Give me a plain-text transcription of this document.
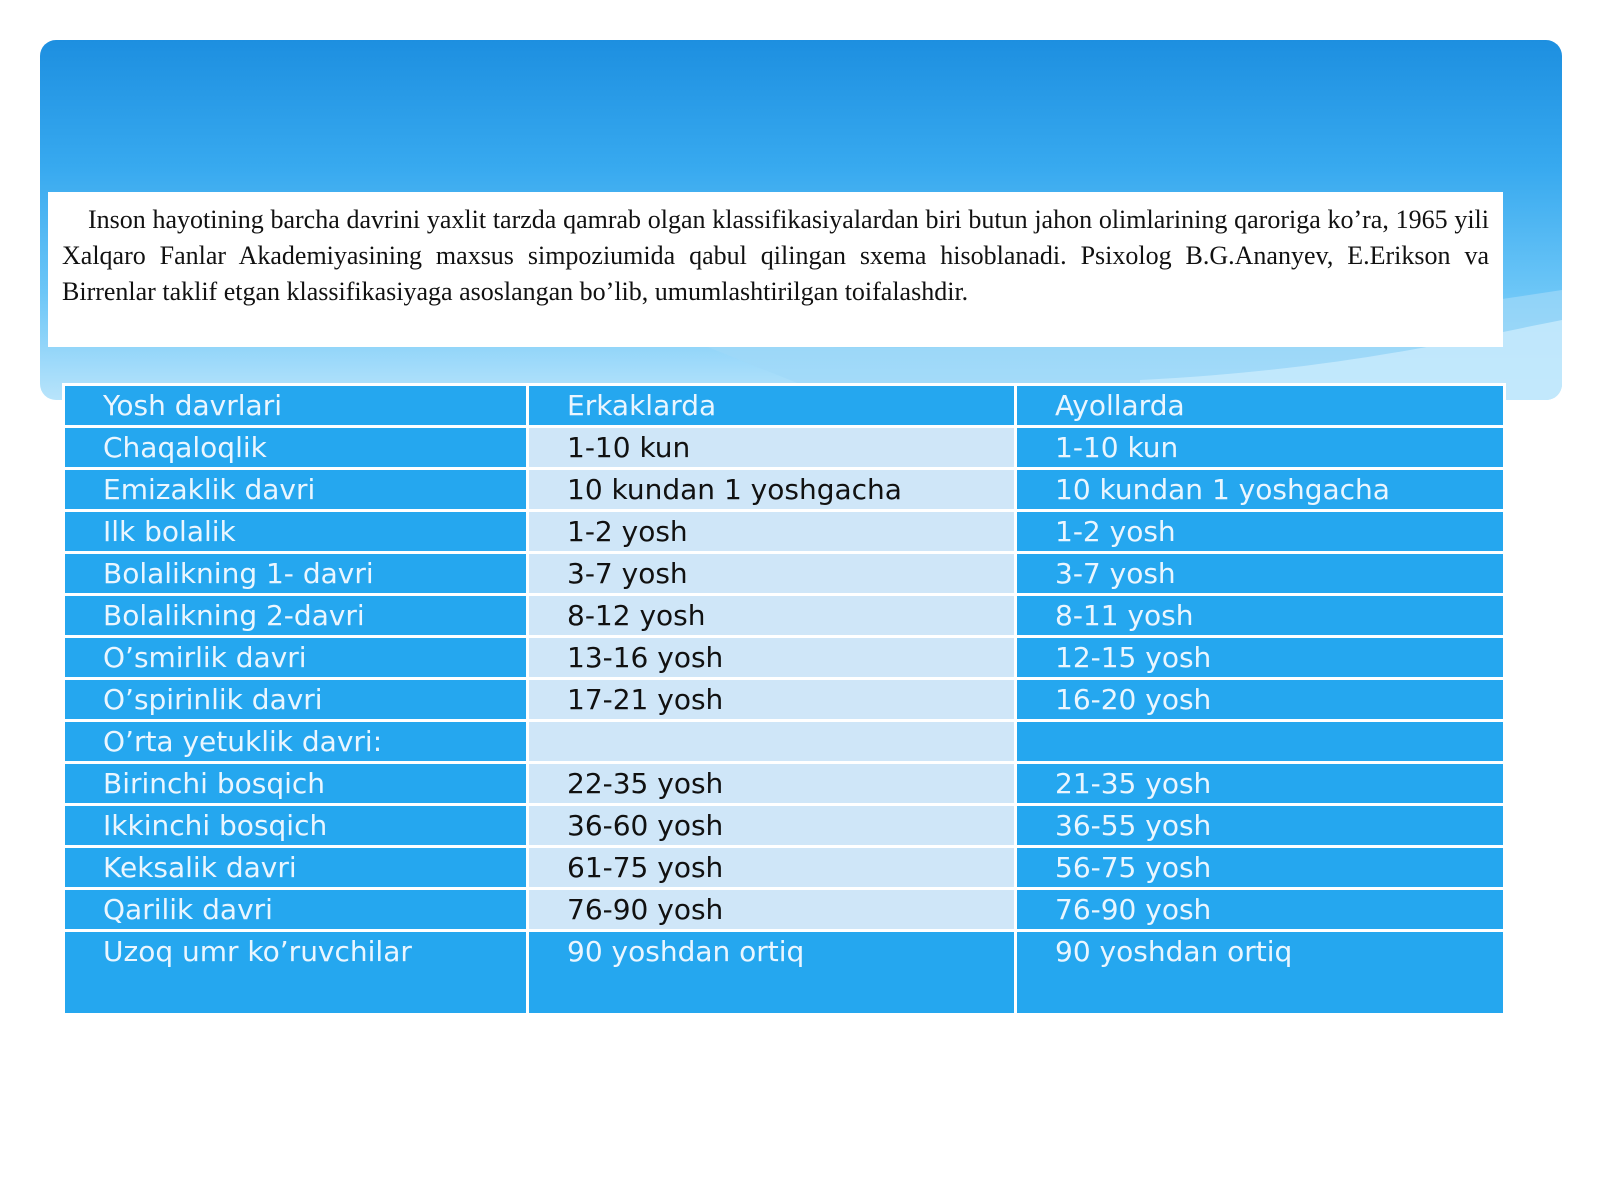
Inson hayotining barcha davrini yaxlit tarzda qamrab olgan klassifikasiyalardan biri butun jahon olimlarining qaroriga ko’ra, 1965 yili Xalqaro Fanlar Akademiyasining maxsus simpoziumida qabul qilingan sxema hisoblanadi. Psixolog B.G.Ananyev, E.Erikson va Birrenlar taklif etgan klassifikasiyaga asoslangan bo’lib, umumlashtirilgan toifalashdir.

Yosh davrlari	Erkaklarda	Ayollarda
Chaqaloqlik	1-10 kun	1-10 kun
Emizaklik davri	10 kundan 1 yoshgacha	10 kundan 1 yoshgacha
Ilk bolalik	1-2 yosh	1-2 yosh
Bolalikning 1- davri	3-7 yosh	3-7 yosh
Bolalikning 2-davri	8-12 yosh	8-11 yosh
O’smirlik davri	13-16 yosh	12-15 yosh
O’spirinlik davri	17-21 yosh	16-20 yosh
O’rta yetuklik davri:		
Birinchi bosqich	22-35 yosh	21-35 yosh
Ikkinchi bosqich	36-60 yosh	36-55 yosh
Keksalik davri	61-75 yosh	56-75 yosh
Qarilik davri	76-90 yosh	76-90 yosh
Uzoq umr ko’ruvchilar	90 yoshdan ortiq	90 yoshdan ortiq
